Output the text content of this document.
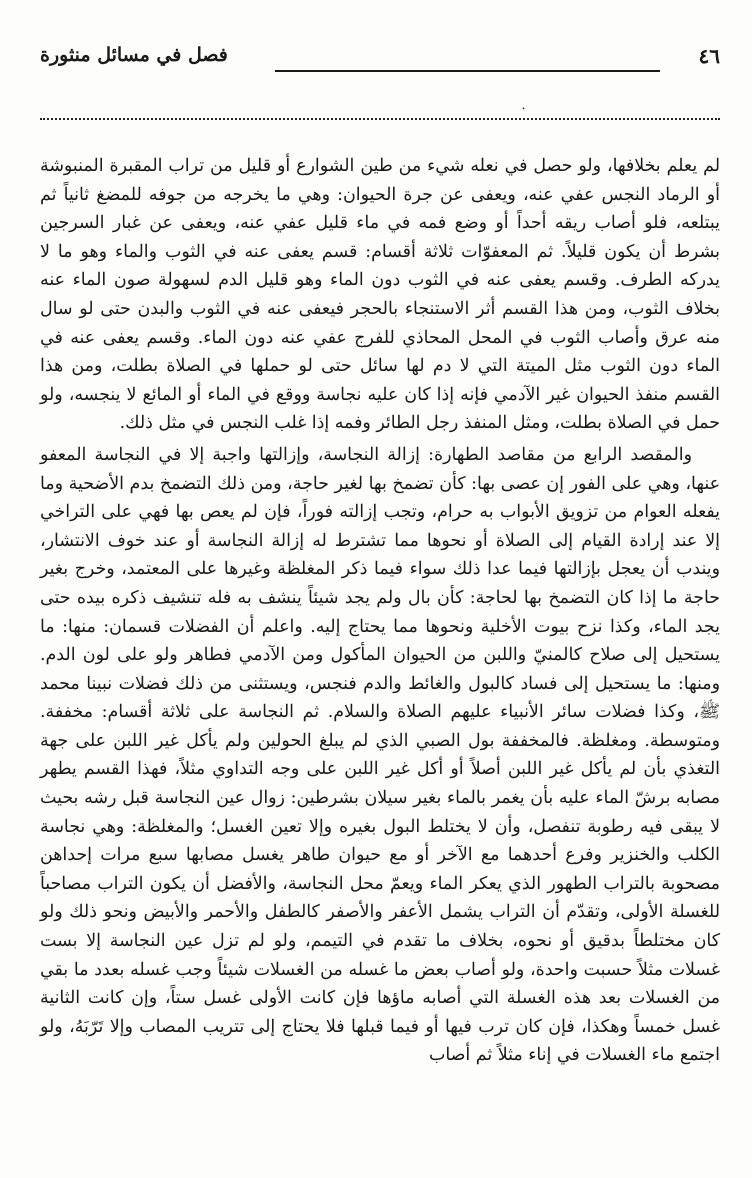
٤٦
فصل في مسائل منثورة
٠

لم يعلم بخلافها، ولو حصل في نعله شيء من طين الشوارع أو قليل من تراب المقبرة المنبوشة أو الرماد النجس عفي عنه، ويعفى عن جرة الحيوان: وهي ما يخرجه من جوفه للمضغ ثانياً ثم يبتلعه، فلو أصاب ريقه أحداً أو وضع فمه في ماء قليل عفي عنه، ويعفى عن غبار السرجين بشرط أن يكون قليلاً. ثم المعفوّات ثلاثة أقسام: قسم يعفى عنه في الثوب والماء وهو ما لا يدركه الطرف. وقسم يعفى عنه في الثوب دون الماء وهو قليل الدم لسهولة صون الماء عنه بخلاف الثوب، ومن هذا القسم أثر الاستنجاء بالحجر فيعفى عنه في الثوب والبدن حتى لو سال منه عرق وأصاب الثوب في المحل المحاذي للفرج عفي عنه دون الماء. وقسم يعفى عنه في الماء دون الثوب مثل الميتة التي لا دم لها سائل حتى لو حملها في الصلاة بطلت، ومن هذا القسم منفذ الحيوان غير الآدمي فإنه إذا كان عليه نجاسة ووقع في الماء أو المائع لا ينجسه، ولو حمل في الصلاة بطلت، ومثل المنفذ رجل الطائر وفمه إذا غلب النجس في مثل ذلك.

والمقصد الرابع من مقاصد الطهارة: إزالة النجاسة، وإزالتها واجبة إلا في النجاسة المعفو عنها، وهي على الفور إن عصى بها: كأن تضمخ بها لغير حاجة، ومن ذلك التضمخ بدم الأضحية وما يفعله العوام من تزويق الأبواب به حرام، وتجب إزالته فوراً، فإن لم يعص بها فهي على التراخي إلا عند إرادة القيام إلى الصلاة أو نحوها مما تشترط له إزالة النجاسة أو عند خوف الانتشار، ويندب أن يعجل بإزالتها فيما عدا ذلك سواء فيما ذكر المغلظة وغيرها على المعتمد، وخرج بغير حاجة ما إذا كان التضمخ بها لحاجة: كأن بال ولم يجد شيئاً ينشف به فله تنشيف ذكره بيده حتى يجد الماء، وكذا نزح بيوت الأخلية ونحوها مما يحتاج إليه. واعلم أن الفضلات قسمان: منها: ما يستحيل إلى صلاح كالمنيّ واللبن من الحيوان المأكول ومن الآدمي فطاهر ولو على لون الدم. ومنها: ما يستحيل إلى فساد كالبول والغائط والدم فنجس، ويستثنى من ذلك فضلات نبينا محمد ﷺ، وكذا فضلات سائر الأنبياء عليهم الصلاة والسلام. ثم النجاسة على ثلاثة أقسام: مخففة. ومتوسطة. ومغلظة. فالمخففة بول الصبي الذي لم يبلغ الحولين ولم يأكل غير اللبن على جهة التغذي بأن لم يأكل غير اللبن أصلاً أو أكل غير اللبن على وجه التداوي مثلاً، فهذا القسم يطهر مصابه برشّ الماء عليه بأن يغمر بالماء بغير سيلان بشرطين: زوال عين النجاسة قبل رشه بحيث لا يبقى فيه رطوبة تنفصل، وأن لا يختلط البول بغيره وإلا تعين الغسل؛ والمغلظة: وهي نجاسة الكلب والخنزير وفرع أحدهما مع الآخر أو مع حيوان طاهر يغسل مصابها سبع مرات إحداهن مصحوبة بالتراب الطهور الذي يعكر الماء ويعمّ محل النجاسة، والأفضل أن يكون التراب مصاحباً للغسلة الأولى، وتقدّم أن التراب يشمل الأعفر والأصفر كالطفل والأحمر والأبيض ونحو ذلك ولو كان مختلطاً بدقيق أو نحوه، بخلاف ما تقدم في التيمم، ولو لم تزل عين النجاسة إلا بست غسلات مثلاً حسبت واحدة، ولو أصاب بعض ما غسله من الغسلات شيئاً وجب غسله بعدد ما بقي من الغسلات بعد هذه الغسلة التي أصابه ماؤها فإن كانت الأولى غسل ستاً، وإن كانت الثانية غسل خمساً وهكذا، فإن كان ترب فيها أو فيما قبلها فلا يحتاج إلى تتريب المصاب وإلا تَرّبَهُ، ولو اجتمع ماء الغسلات في إناء مثلاً ثم أصاب
